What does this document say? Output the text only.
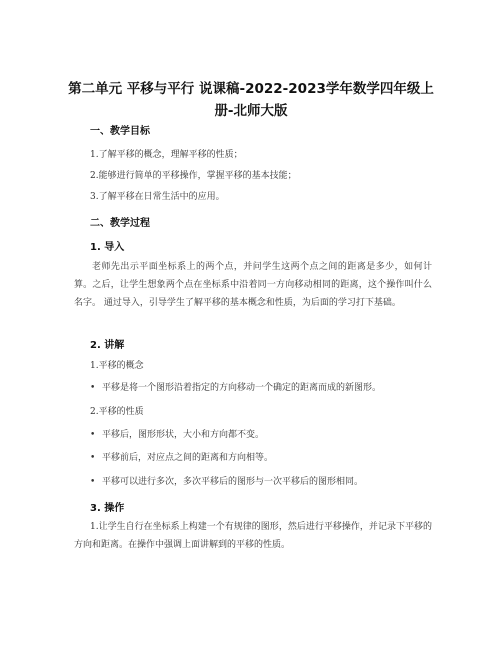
第二单元 平移与平行 说课稿-2022-2023学年数学四年级上册-北师大版
一、教学目标

1.了解平移的概念，理解平移的性质；

2.能够进行简单的平移操作，掌握平移的基本技能；

3.了解平移在日常生活中的应用。

二、教学过程
1. 导入

老师先出示平面坐标系上的两个点，并问学生这两个点之间的距离是多少，如何计算。之后，让学生想象两个点在坐标系中沿着同一方向移动相同的距离，这个操作叫什么名字。 通过导入，引导学生了解平移的基本概念和性质，为后面的学习打下基础。

2. 讲解

1.平移的概念

• 平移是将一个图形沿着指定的方向移动一个确定的距离而成的新图形。

2.平移的性质

• 平移后，图形形状，大小和方向都不变。

• 平移前后，对应点之间的距离和方向相等。

• 平移可以进行多次，多次平移后的图形与一次平移后的图形相同。

3. 操作

1.让学生自行在坐标系上构建一个有规律的图形，然后进行平移操作，并记录下平移的方向和距离。在操作中强调上面讲解到的平移的性质。
